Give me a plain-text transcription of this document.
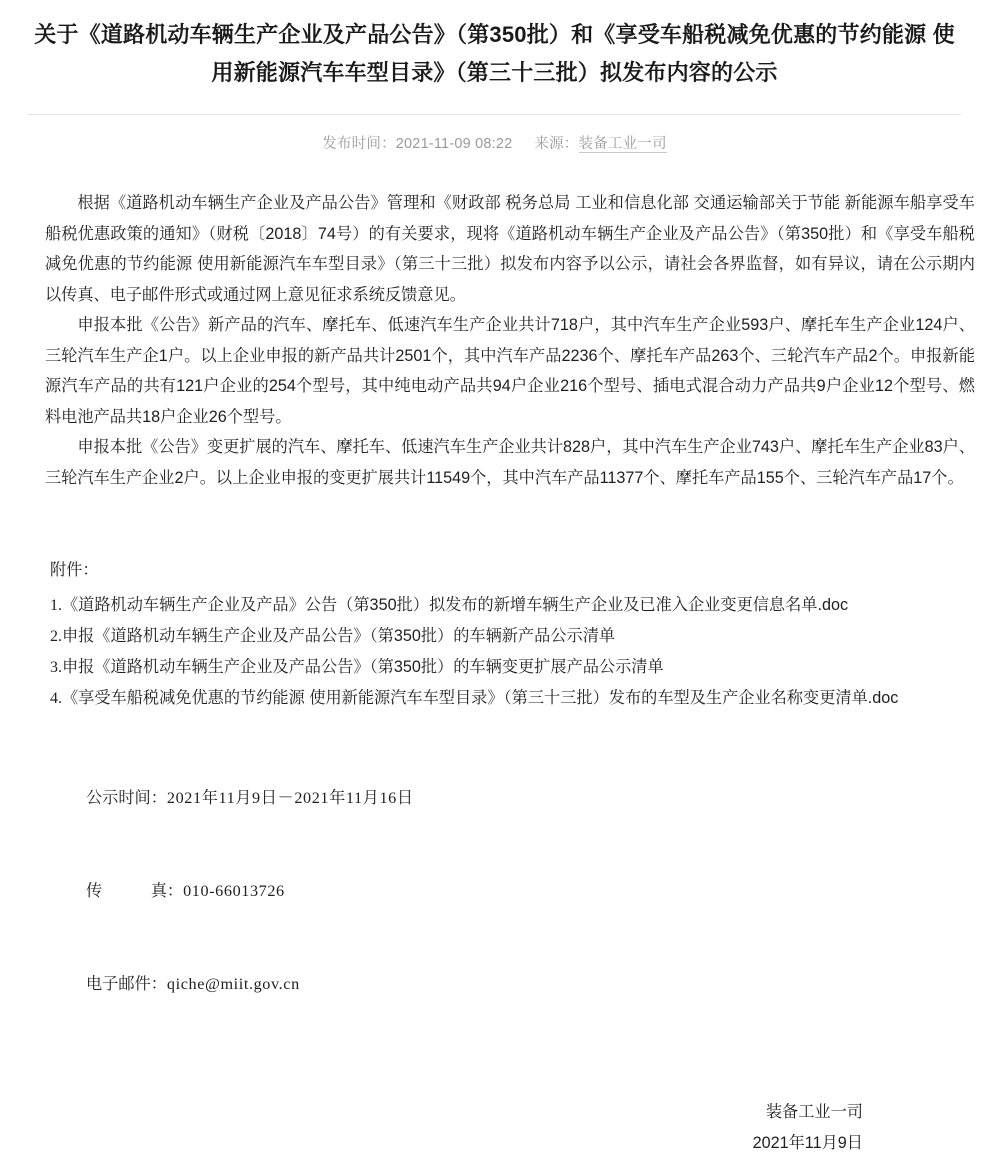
关于《道路机动车辆生产企业及产品公告》（第350批）和《享受车船税减免优惠的节约能源 使用新能源汽车车型目录》（第三十三批）拟发布内容的公示
发布时间：2021-11-09 08:22 来源：装备工业一司

根据《道路机动车辆生产企业及产品公告》管理和《财政部 税务总局 工业和信息化部 交通运输部关于节能 新能源车船享受车船税优惠政策的通知》（财税〔2018〕74号）的有关要求，现将《道路机动车辆生产企业及产品公告》（第350批）和《享受车船税减免优惠的节约能源 使用新能源汽车车型目录》（第三十三批）拟发布内容予以公示，请社会各界监督，如有异议，请在公示期内以传真、电子邮件形式或通过网上意见征求系统反馈意见。

申报本批《公告》新产品的汽车、摩托车、低速汽车生产企业共计718户，其中汽车生产企业593户、摩托车生产企业124户、三轮汽车生产企1户。以上企业申报的新产品共计2501个，其中汽车产品2236个、摩托车产品263个、三轮汽车产品2个。申报新能源汽车产品的共有121户企业的254个型号，其中纯电动产品共94户企业216个型号、插电式混合动力产品共9户企业12个型号、燃料电池产品共18户企业26个型号。

申报本批《公告》变更扩展的汽车、摩托车、低速汽车生产企业共计828户，其中汽车生产企业743户、摩托车生产企业83户、三轮汽车生产企业2户。以上企业申报的变更扩展共计11549个，其中汽车产品11377个、摩托车产品155个、三轮汽车产品17个。

附件：

1.《道路机动车辆生产企业及产品》公告（第350批）拟发布的新增车辆生产企业及已准入企业变更信息名单.doc
2.申报《道路机动车辆生产企业及产品公告》（第350批）的车辆新产品公示清单
3.申报《道路机动车辆生产企业及产品公告》（第350批）的车辆变更扩展产品公示清单
4.《享受车船税减免优惠的节约能源 使用新能源汽车车型目录》（第三十三批）发布的车型及生产企业名称变更清单.doc

公示时间：2021年11月9日－2021年11月16日

传　　　真：010-66013726

电子邮件：qiche@miit.gov.cn

装备工业一司
2021年11月9日
